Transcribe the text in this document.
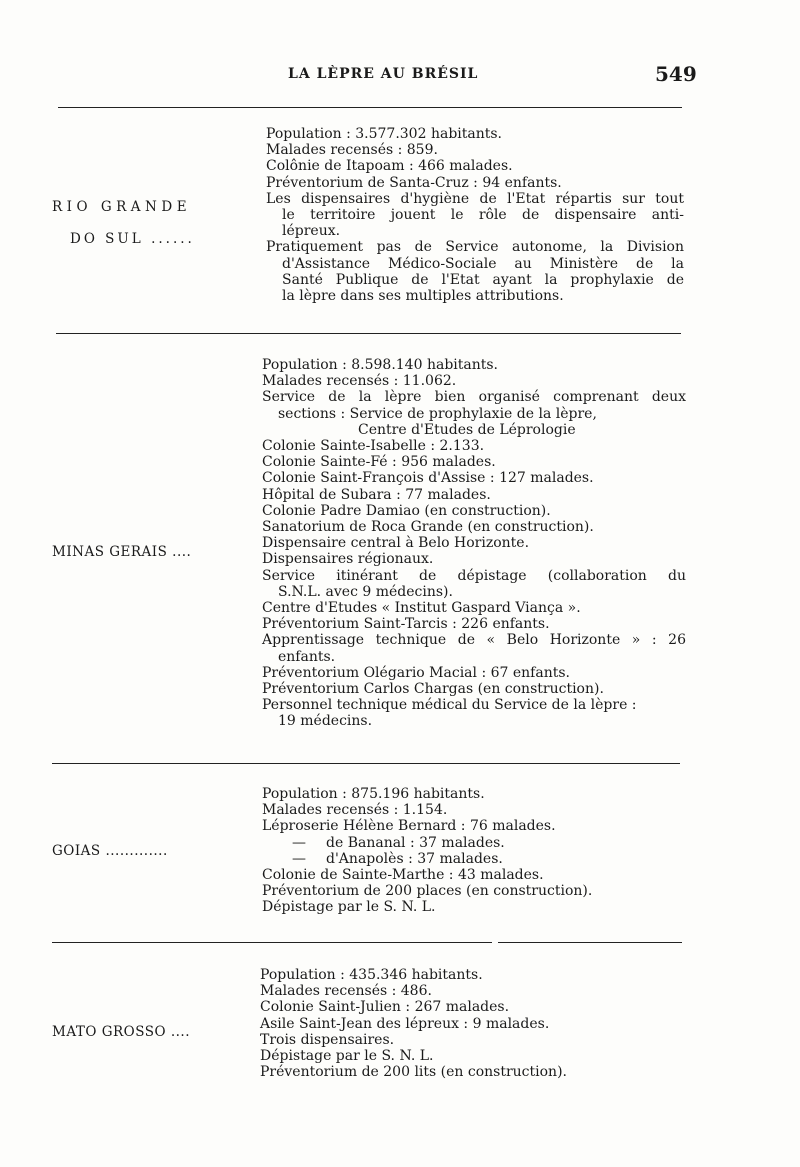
LA LÈPRE AU BRÉSIL	549
RIO GRANDE
DO SUL ......
Population : 3.577.302 habitants.
Malades recensés : 859.
Colônie de Itapoam : 466 malades.
Préventorium de Santa-Cruz : 94 enfants.
Les dispensaires d'hygiène de l'Etat répartis sur tout
le territoire jouent le rôle de dispensaire anti-
lépreux.
Pratiquement pas de Service autonome, la Division
d'Assistance Médico-Sociale au Ministère de la
Santé Publique de l'Etat ayant la prophylaxie de
la lèpre dans ses multiples attributions.
MINAS GERAIS ....
Population : 8.598.140 habitants.
Malades recensés : 11.062.
Service de la lèpre bien organisé comprenant deux
sections : Service de prophylaxie de la lèpre,
Centre d'Etudes de Léprologie
Colonie Sainte-Isabelle : 2.133.
Colonie Sainte-Fé : 956 malades.
Colonie Saint-François d'Assise : 127 malades.
Hôpital de Subara : 77 malades.
Colonie Padre Damiao (en construction).
Sanatorium de Roca Grande (en construction).
Dispensaire central à Belo Horizonte.
Dispensaires régionaux.
Service itinérant de dépistage (collaboration du
S.N.L. avec 9 médecins).
Centre d'Etudes « Institut Gaspard Viança ».
Préventorium Saint-Tarcis : 226 enfants.
Apprentissage technique de « Belo Horizonte » : 26
enfants.
Préventorium Olégario Macial : 67 enfants.
Préventorium Carlos Chargas (en construction).
Personnel technique médical du Service de la lèpre :
19 médecins.
GOIAS .............
Population : 875.196 habitants.
Malades recensés : 1.154.
Léproserie Hélène Bernard : 76 malades.
— de Bananal : 37 malades.
— d'Anapolès : 37 malades.
Colonie de Sainte-Marthe : 43 malades.
Préventorium de 200 places (en construction).
Dépistage par le S. N. L.
MATO GROSSO ....
Population : 435.346 habitants.
Malades recensés : 486.
Colonie Saint-Julien : 267 malades.
Asile Saint-Jean des lépreux : 9 malades.
Trois dispensaires.
Dépistage par le S. N. L.
Préventorium de 200 lits (en construction).
